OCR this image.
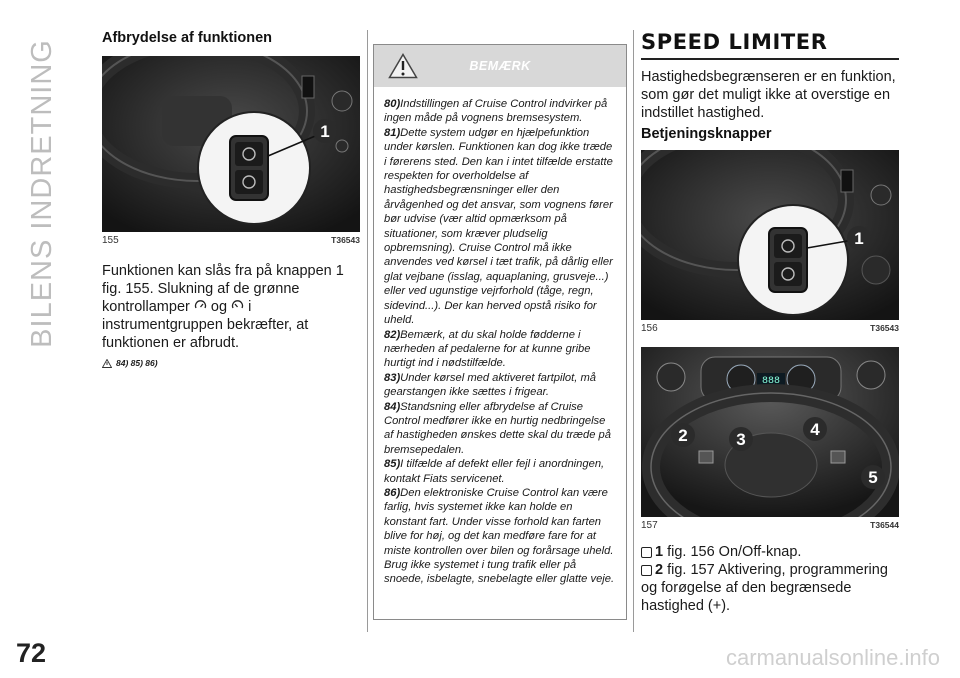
BILENS INDRETNING
72	carmanualsonline.info
Afbrydelse af funktionen
1
155	T36543

Funktionen kan slås fra på knappen 1 fig. 155. Slukning af de grønne

kontrollamper og i

instrumentgruppen bekræfter, at funktionen er afbrudt.

84) 85) 86)
BEMÆRK

80)Indstillingen af Cruise Control indvirker på ingen måde på vognens bremsesystem.

81)Dette system udgør en hjælpefunktion under kørslen. Funktionen kan dog ikke træde i førerens sted. Den kan i intet tilfælde erstatte respekten for overholdelse af hastighedsbegrænsninger eller den årvågenhed og det ansvar, som vognens fører bør udvise (vær altid opmærksom på situationer, som kræver pludselig opbremsning). Cruise Control må ikke anvendes ved kørsel i tæt trafik, på dårlig eller glat vejbane (isslag, aquaplaning, grusveje...) eller ved ugunstige vejrforhold (tåge, regn, sidevind...). Der kan herved opstå risiko for uheld.

82)Bemærk, at du skal holde fødderne i nærheden af pedalerne for at kunne gribe hurtigt ind i nødstilfælde.

83)Under kørsel med aktiveret fartpilot, må gearstangen ikke sættes i frigear.

84)Standsning eller afbrydelse af Cruise Control medfører ikke en hurtig nedbringelse af hastigheden ønskes dette skal du træde på bremsepedalen.

85)I tilfælde af defekt eller fejl i anordningen, kontakt Fiats servicenet.

86)Den elektroniske Cruise Control kan være farlig, hvis systemet ikke kan holde en konstant fart. Under visse forhold kan farten blive for høj, og det kan medføre fare for at miste kontrollen over bilen og forårsage uheld. Brug ikke systemet i tung trafik eller på snoede, isbelagte, snebelagte eller glatte veje.

SPEED LIMITER

Hastighedsbegrænseren er en funktion, som gør det muligt ikke at overstige en indstillet hastighed.

Betjeningsknapper
1
156	T36543
888
2	3
4
5
157	T36544
1 fig. 156 On/Off-knap.
2 fig. 157 Aktivering, programmering

og forøgelse af den begrænsede hastighed (+).
